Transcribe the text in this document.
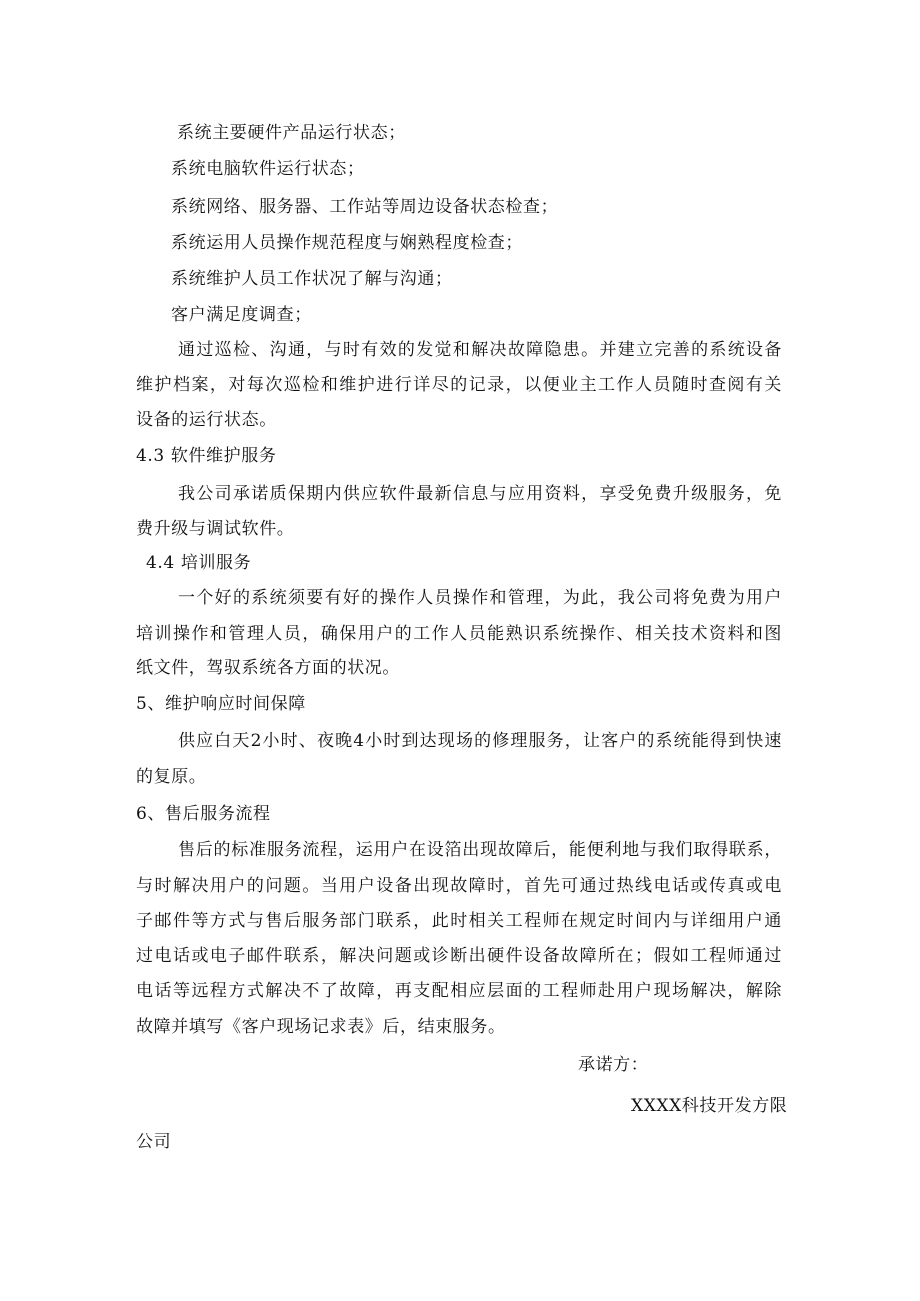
系统主要硬件产品运行状态；
系统电脑软件运行状态；
系统网络、服务器、工作站等周边设备状态检查；
系统运用人员操作规范程度与娴熟程度检查；
系统维护人员工作状况了解与沟通；
客户满足度调查；
通过巡检、沟通，与时有效的发觉和解决故障隐患。并建立完善的系统设备
维护档案，对每次巡检和维护进行详尽的记录，以便业主工作人员随时查阅有关
设备的运行状态。
4.3 软件维护服务
我公司承诺质保期内供应软件最新信息与应用资料，享受免费升级服务，免
费升级与调试软件。
4.4 培训服务
一个好的系统须要有好的操作人员操作和管理，为此，我公司将免费为用户
培训操作和管理人员，确保用户的工作人员能熟识系统操作、相关技术资料和图
纸文件，驾驭系统各方面的状况。
5、维护响应时间保障
供应白天2小时、夜晚4小时到达现场的修理服务，让客户的系统能得到快速
的复原。
6、售后服务流程
售后的标准服务流程，运用户在设箔出现故障后，能便利地与我们取得联系，
与时解决用户的问题。当用户设备出现故障时，首先可通过热线电话或传真或电
子邮件等方式与售后服务部门联系，此时相关工程师在规定时间内与详细用户通
过电话或电子邮件联系，解决问题或诊断出硬件设备故障所在；假如工程师通过
电话等远程方式解决不了故障，再支配相应层面的工程师赴用户现场解决，解除
故障并填写《客户现场记求表》后，结束服务。
承诺方：
XXXX科技开发方限
公司
